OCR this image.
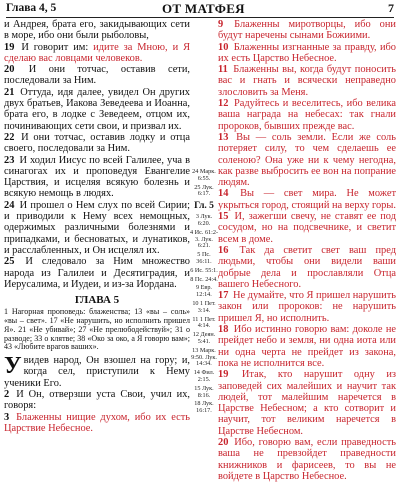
Глава 4, 5	ОТ МАТФЕЯ	7

и Андрея, брата его, закидывающих сети в море, ибо они были рыболовы,

19 И говорит им: идите за Мною, и Я сделаю вас ловцами человеков.

20 И они тотчас, оставив сети, последовали за Ним.

21 Оттуда, идя далее, увидел Он других двух братьев, Иакова Зеведеева и Иоанна, брата его, в лодке с Зеведеем, отцом их, починивающих сети свои, и призвал их.

22 И они тотчас, оставив лодку и отца своего, последовали за Ним.

23 И ходил Иисус по всей Галилее, уча в синагогах их и проповедуя Евангелие Царствия, и исцеляя всякую болезнь и всякую немощь в людях.

24 И прошел о Нем слух по всей Сирии; и приводили к Нему всех немощных, одержимых различными болезнями и припадками, и бесноватых, и лунатиков, и расслабленных, и Он исцелял их.

25 И следовало за Ним множество народа из Галилеи и Десятиградия, и Иерусалима, и Иудеи, и из-за Иордана.

ГЛАВА 5

1 Нагорная проповедь: блаженства; 13 «вы – соль» «вы – свет». 17 «Не нарушить, но исполнить пришел Я». 21 «Не убивай»; 27 «Не прелюбодействуй»; 31 о разводе; 33 о клятве; 38 «Око за око, а Я говорю вам»; 43 «Любите врагов ваших».

Увидев народ, Он взошел на гору; и, когда сел, приступили к Нему ученики Его.

2 И Он, отверзши уста Свои, учил их, говоря:

3 Блаженны нищие духом, ибо их есть Царствие Небесное.

24 Марк. 6:55.
25 Лук. 6:17.
Гл. 5
3 Лук. 6:20.
4 Ис. 61:2-3. Лук. 6:21.
5 Пс. 36:11.
6 Ис. 55:1.
8 Пс. 24:4.
9 Евр. 12:14.
10 1 Пет. 3:14.
11 1 Пет. 4:14.
12 Деян. 5:41.
13 Марк. 9:50. Лук. 14:34.
14 Фил. 2:15.
15 Лук. 8:16.
18 Лук. 16:17.

9 Блаженны миротворцы, ибо они будут наречены сынами Божиими.

10 Блаженны изгнанные за правду, ибо их есть Царство Небесное.

11 Блаженны вы, когда будут поносить вас и гнать и всячески неправедно злословить за Меня.

12 Радуйтесь и веселитесь, ибо велика ваша награда на небесах: так гнали пророков, бывших прежде вас.

13 Вы — соль земли. Если же соль потеряет силу, то чем сделаешь ее соленою? Она уже ни к чему негодна, как разве выбросить ее вон на попрание людям.

14 Вы — свет мира. Не может укрыться город, стоящий на верху горы.

15 И, зажегши свечу, не ставят ее под сосудом, но на подсвечнике, и светит всем в доме.

16 Так да светит свет ваш пред людьми, чтобы они видели ваши добрые дела и прославляли Отца вашего Небесного.

17 Не думайте, что Я пришел нарушить закон или пророков: не нарушить пришел Я, но исполнить.

18 Ибо истинно говорю вам: доколе не прейдет небо и земля, ни одна иота или ни одна черта не прейдет из закона, пока не исполнится все.

19 Итак, кто нарушит одну из заповедей сих малейших и научит так людей, тот малейшим наречется в Царстве Небесном; а кто сотворит и научит, тот великим наречется в Царстве Небесном.

20 Ибо, говорю вам, если праведность ваша не превзойдет праведности книжников и фарисеев, то вы не войдете в Царство Небесное.
